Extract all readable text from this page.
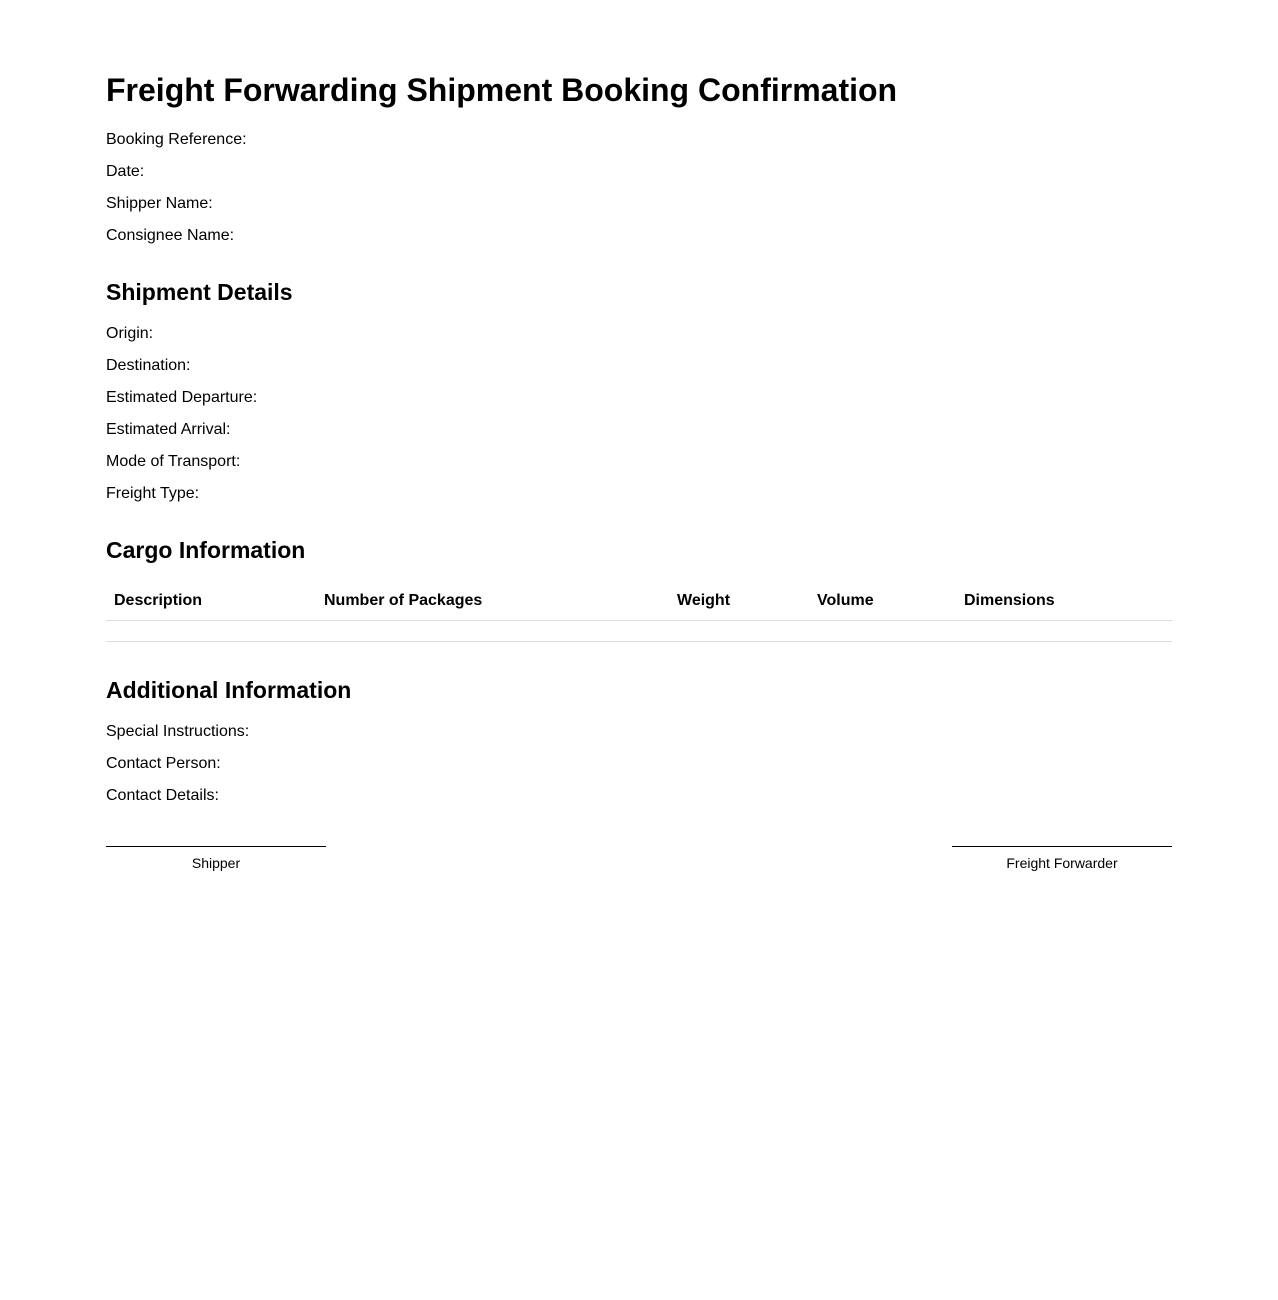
Freight Forwarding Shipment Booking Confirmation
Booking Reference:
Date:
Shipper Name:
Consignee Name:
Shipment Details
Origin:
Destination:
Estimated Departure:
Estimated Arrival:
Mode of Transport:
Freight Type:
Cargo Information
Description	Number of Packages	Weight	Volume	Dimensions

Additional Information
Special Instructions:
Contact Person:
Contact Details:
Shipper	Freight Forwarder
